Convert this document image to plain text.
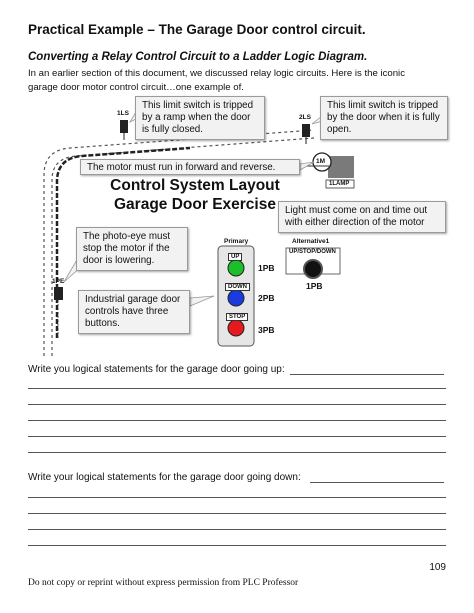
Practical Example – The Garage Door control circuit.
Converting a Relay Control Circuit to a Ladder Logic Diagram.
In an earlier section of this document, we discussed relay logic circuits. Here is the iconic
garage door motor control circuit…one example of.
Control System Layout
Garage Door Exercise
1LS
2LS
1M
1LAMP
1PE
Primary	Alternative1
UP/STOP/DOWN
UP
DOWN
STOP
1PB
2PB
3PB
1PB
This limit switch is tripped by a ramp when the door is fully closed.
This limit switch is tripped by the door when it is fully open.
The motor must run in forward and reverse.
Light must come on and time out with either direction of the motor
The photo-eye must stop the motor if the door is lowering.
Industrial garage door controls have three buttons.
Write you logical statements for the garage door going up:
Write your logical statements for the garage door going down:
109
Do not copy or reprint without express permission from PLC Professor
